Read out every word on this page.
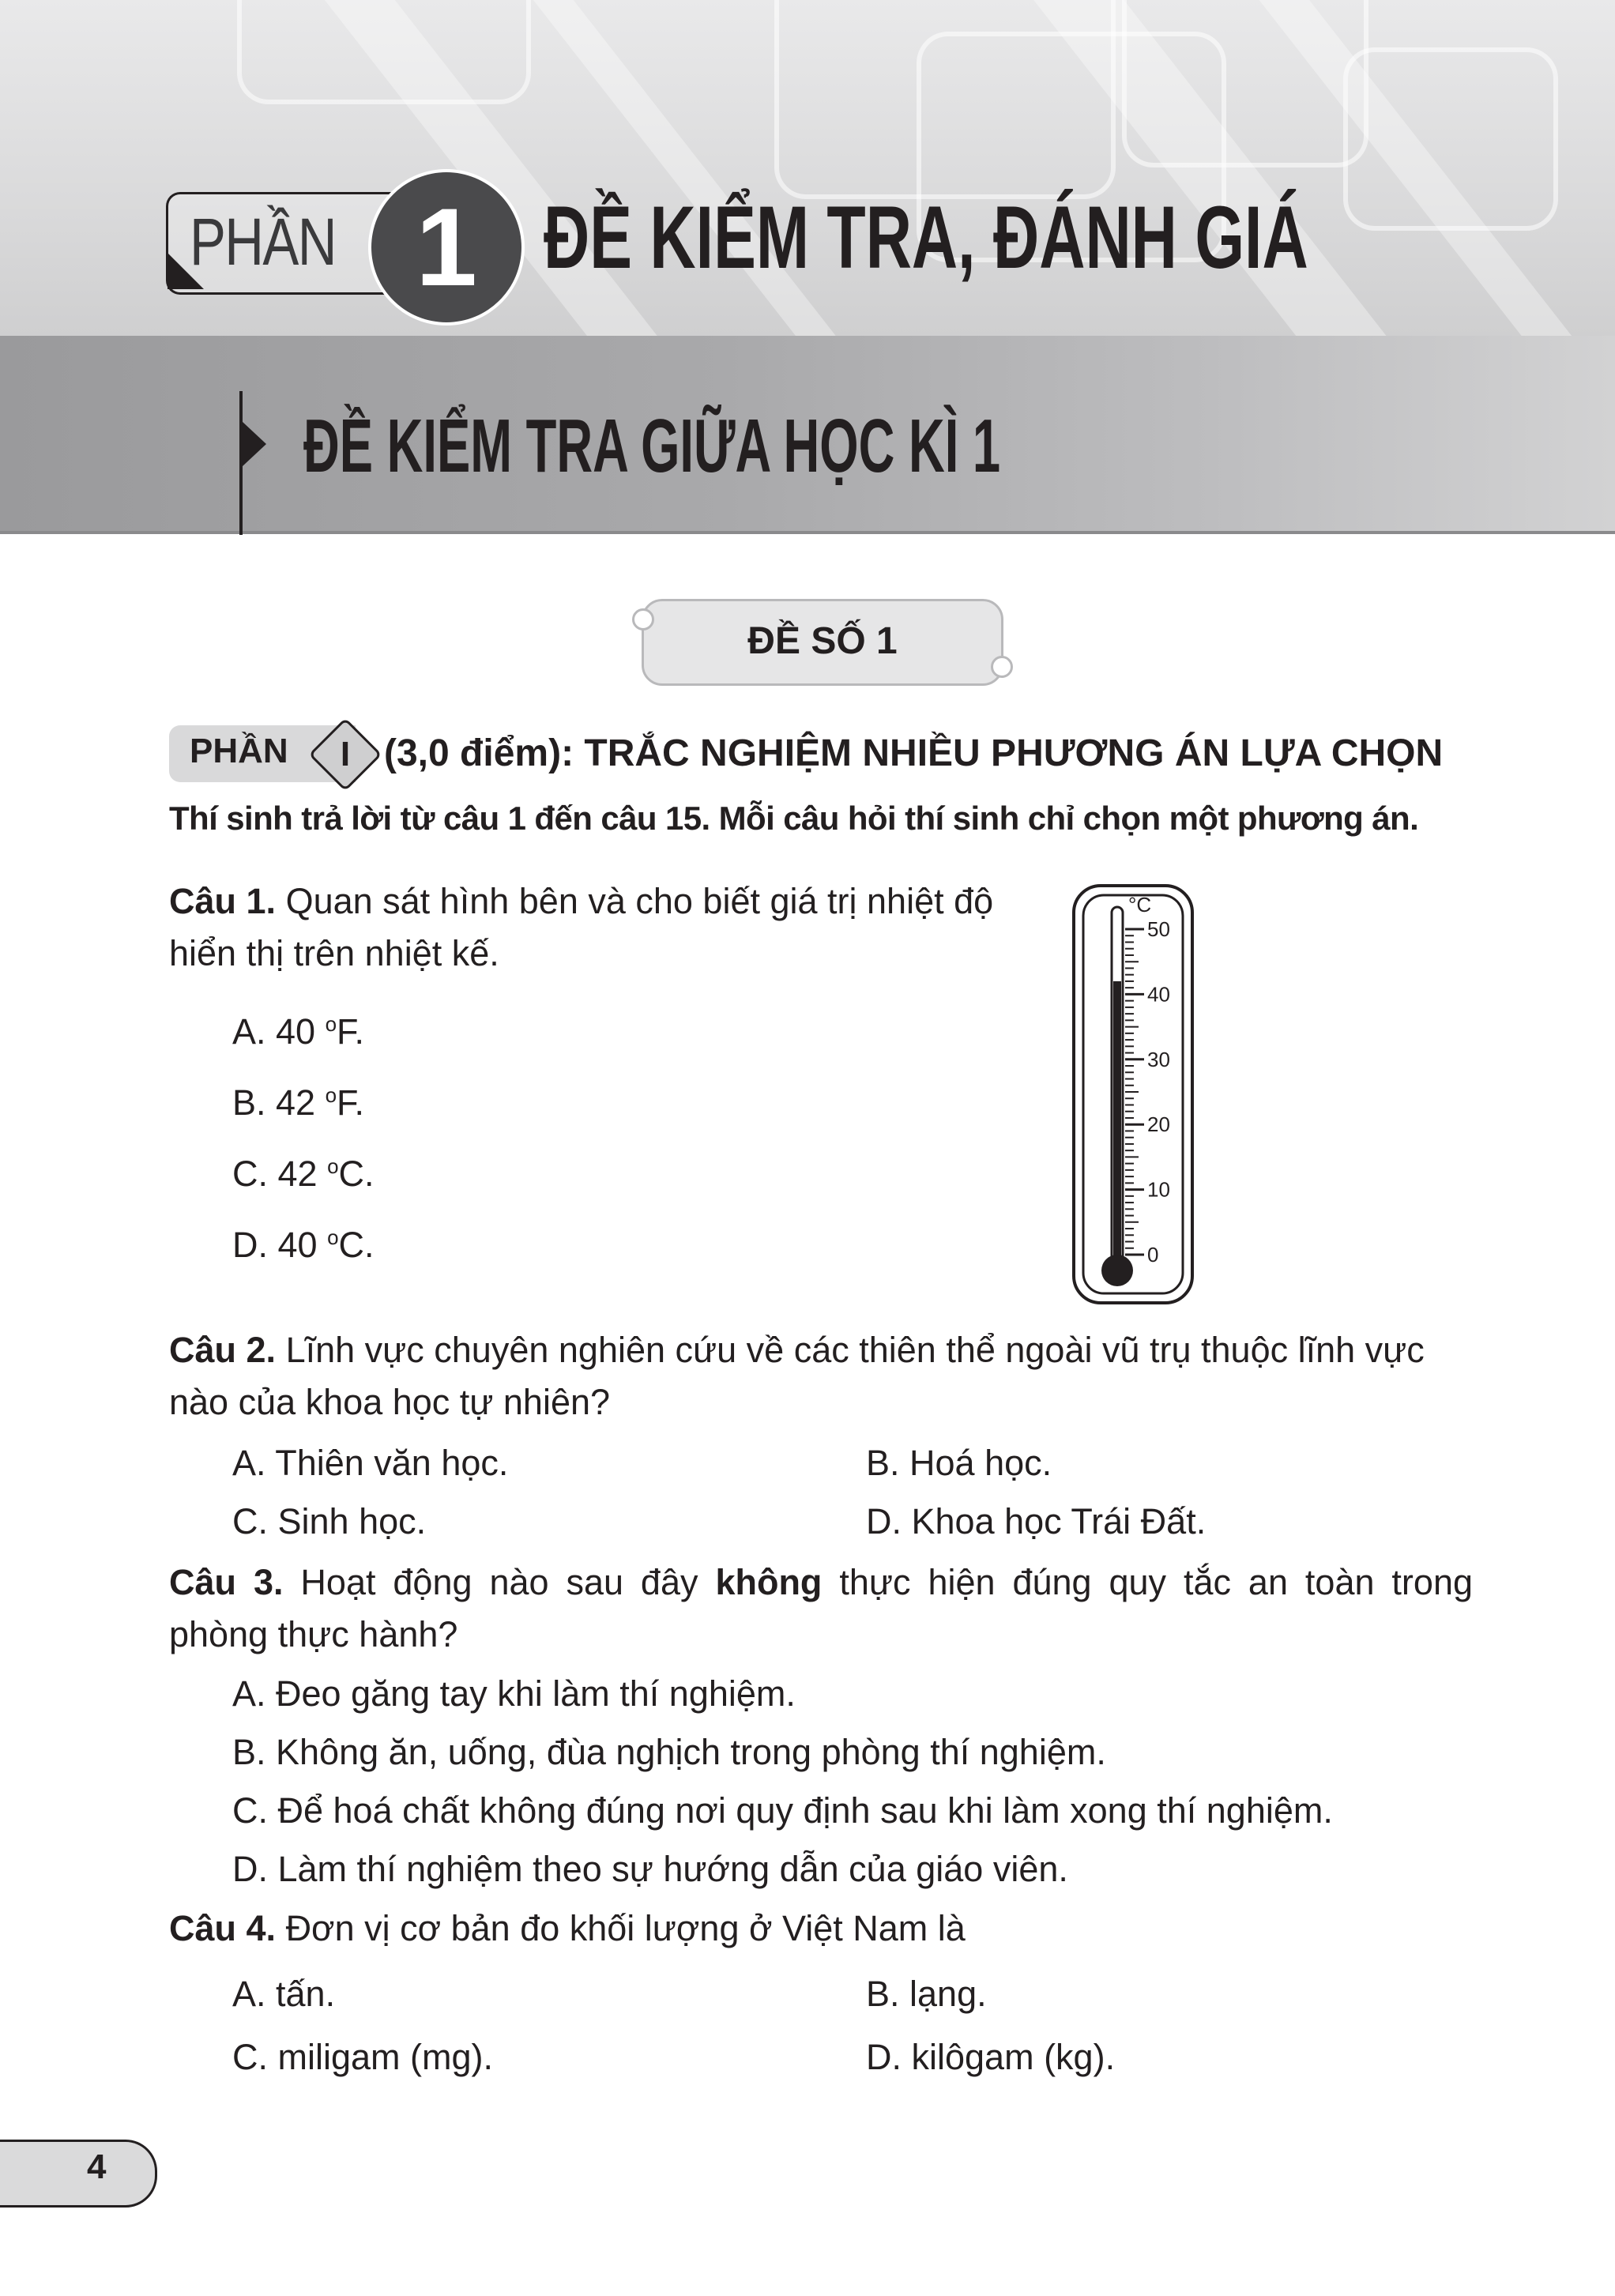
PHẦN 1 ĐỀ KIỂM TRA, ĐÁNH GIÁ
ĐỀ KIỂM TRA GIỮA HỌC KÌ 1
ĐỀ SỐ 1
PHẦN	I (3,0 điểm): TRẮC NGHIỆM NHIỀU PHƯƠNG ÁN LỰA CHỌN
Thí sinh trả lời từ câu 1 đến câu 15. Mỗi câu hỏi thí sinh chỉ chọn một phương án.
Câu 1. Quan sát hình bên và cho biết giá trị nhiệt độ
hiển thị trên nhiệt kế.
A. 40 $^o$F.
B. 42 $^o$F.
C. 42 $^o$C.
D. 40 $^o$C.
°C
50
40
30
20
10
0
Câu 2. Lĩnh vực chuyên nghiên cứu về các thiên thể ngoài vũ trụ thuộc lĩnh vực
nào của khoa học tự nhiên?
A. Thiên văn học.	B. Hoá học.
C. Sinh học.	D. Khoa học Trái Đất.
Câu 3. Hoạt động nào sau đây không thực hiện đúng quy tắc an toàn trong
phòng thực hành?
A. Đeo găng tay khi làm thí nghiệm.
B. Không ăn, uống, đùa nghịch trong phòng thí nghiệm.
C. Để hoá chất không đúng nơi quy định sau khi làm xong thí nghiệm.
D. Làm thí nghiệm theo sự hướng dẫn của giáo viên.
Câu 4. Đơn vị cơ bản đo khối lượng ở Việt Nam là
A. tấn.	B. lạng.
C. miligam (mg).	D. kilôgam (kg).
4
